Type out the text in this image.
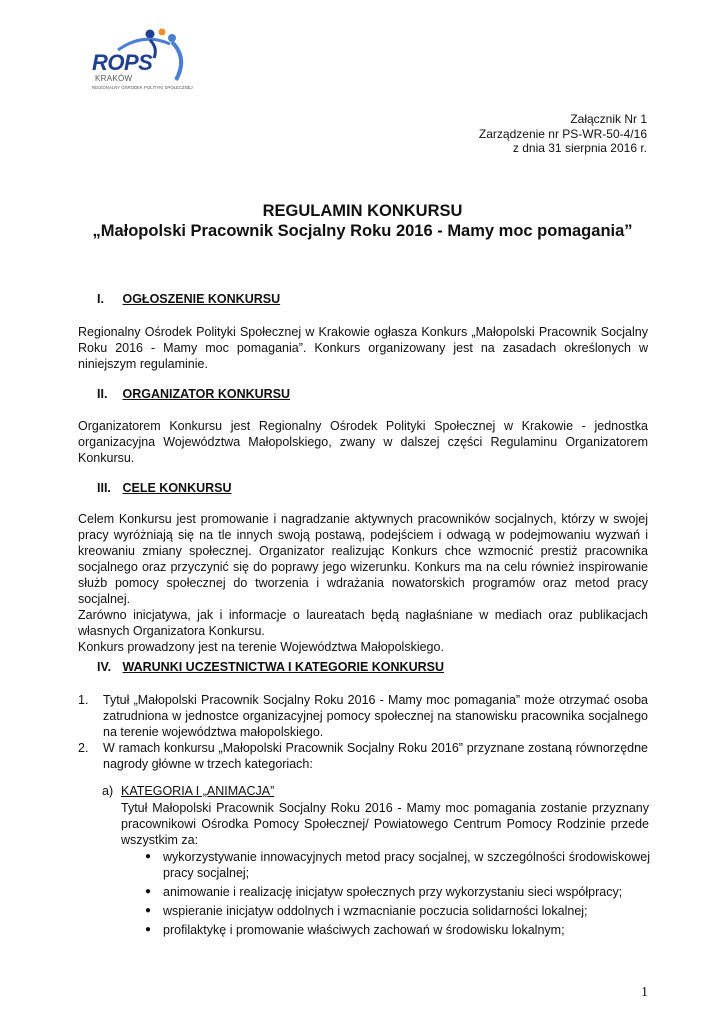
ROPS
KRAKÓW
REGIONALNY OŚRODEK POLITYKI SPOŁECZNEJ
Załącznik Nr 1
Zarządzenie nr PS-WR-50-4/16
z dnia 31 sierpnia 2016 r.
REGULAMIN KONKURSU
„Małopolski Pracownik Socjalny Roku 2016 - Mamy moc pomagania”
I. OGŁOSZENIE KONKURSU

Regionalny Ośrodek Polityki Społecznej w Krakowie ogłasza Konkurs „Małopolski Pracownik Socjalny Roku 2016 - Mamy moc pomagania”. Konkurs organizowany jest na zasadach określonych w niniejszym regulaminie.

II. ORGANIZATOR KONKURSU

Organizatorem Konkursu jest Regionalny Ośrodek Polityki Społecznej w Krakowie - jednostka organizacyjna Województwa Małopolskiego, zwany w dalszej części Regulaminu Organizatorem Konkursu.

III. CELE KONKURSU

Celem Konkursu jest promowanie i nagradzanie aktywnych pracowników socjalnych, którzy w swojej pracy wyróżniają się na tle innych swoją postawą, podejściem i odwagą w podejmowaniu wyzwań i kreowaniu zmiany społecznej. Organizator realizując Konkurs chce wzmocnić prestiż pracownika socjalnego oraz przyczynić się do poprawy jego wizerunku. Konkurs ma na celu również inspirowanie służb pomocy społecznej do tworzenia i wdrażania nowatorskich programów oraz metod pracy socjalnej.

Zarówno inicjatywa, jak i informacje o laureatach będą nagłaśniane w mediach oraz publikacjach własnych Organizatora Konkursu.

Konkurs prowadzony jest na terenie Województwa Małopolskiego.

IV. WARUNKI UCZESTNICTWA I KATEGORIE KONKURSU
1. Tytuł „Małopolski Pracownik Socjalny Roku 2016 - Mamy moc pomagania” może otrzymać osoba zatrudniona w jednostce organizacyjnej pomocy społecznej na stanowisku pracownika socjalnego na terenie województwa małopolskiego.
2. W ramach konkursu „Małopolski Pracownik Socjalny Roku 2016” przyznane zostaną równorzędne nagrody główne w trzech kategoriach:
a) KATEGORIA I „ANIMACJA”
Tytuł Małopolski Pracownik Socjalny Roku 2016 - Mamy moc pomagania zostanie przyznany pracownikowi Ośrodka Pomocy Społecznej/ Powiatowego Centrum Pomocy Rodzinie przede wszystkim za:
● wykorzystywanie innowacyjnych metod pracy socjalnej, w szczególności środowiskowej pracy socjalnej;
● animowanie i realizację inicjatyw społecznych przy wykorzystaniu sieci współpracy;
● wspieranie inicjatyw oddolnych i wzmacnianie poczucia solidarności lokalnej;
● profilaktykę i promowanie właściwych zachowań w środowisku lokalnym;
1
